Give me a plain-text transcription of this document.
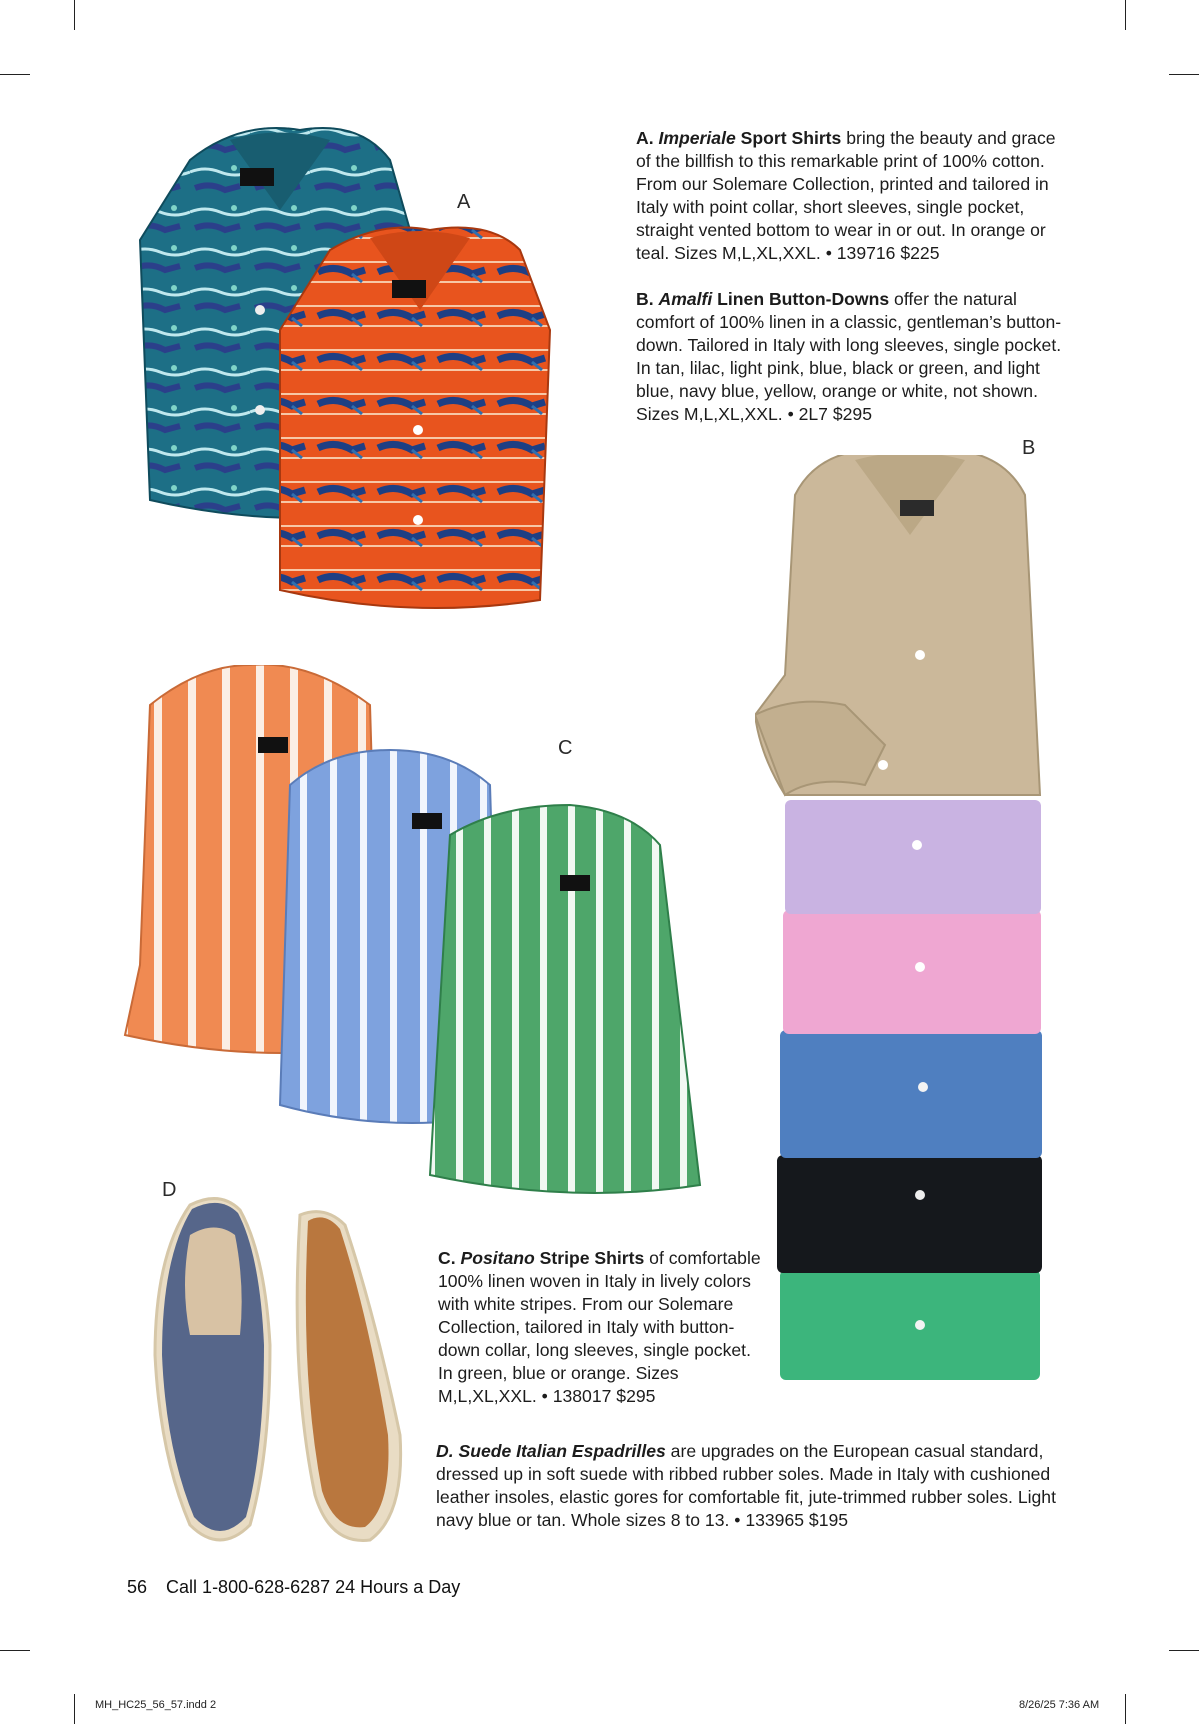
A
A. Imperiale Sport Shirts bring the beauty and grace of the billfish to this remarkable print of 100% cotton. From our Solemare Collection, printed and tailored in Italy with point collar, short sleeves, single pocket, straight vented bottom to wear in or out. In orange or teal. Sizes M,L,XL,XXL. • 139716 $225
B. Amalfi Linen Button-Downs offer the natural comfort of 100% linen in a classic, gentleman’s button-down. Tailored in Italy with long sleeves, single pocket. In tan, lilac, light pink, blue, black or green, and light blue, navy blue, yellow, orange or white, not shown. Sizes M,L,XL,XXL. • 2L7 $295
B
C
D
C. Positano Stripe Shirts of comfortable 100% linen woven in Italy in lively colors with white stripes. From our Solemare Collection, tailored in Italy with button-down collar, long sleeves, single pocket. In green, blue or orange. Sizes M,L,XL,XXL. • 138017 $295
D. Suede Italian Espadrilles are upgrades on the European casual standard, dressed up in soft suede with ribbed rubber soles. Made in Italy with cushioned leather insoles, elastic gores for comfortable fit, jute-trimmed rubber soles. Light navy blue or tan. Whole sizes 8 to 13. • 133965 $195
56 Call 1-800-628-6287 24 Hours a Day
MH_HC25_56_57.indd 2	8/26/25 7:36 AM
